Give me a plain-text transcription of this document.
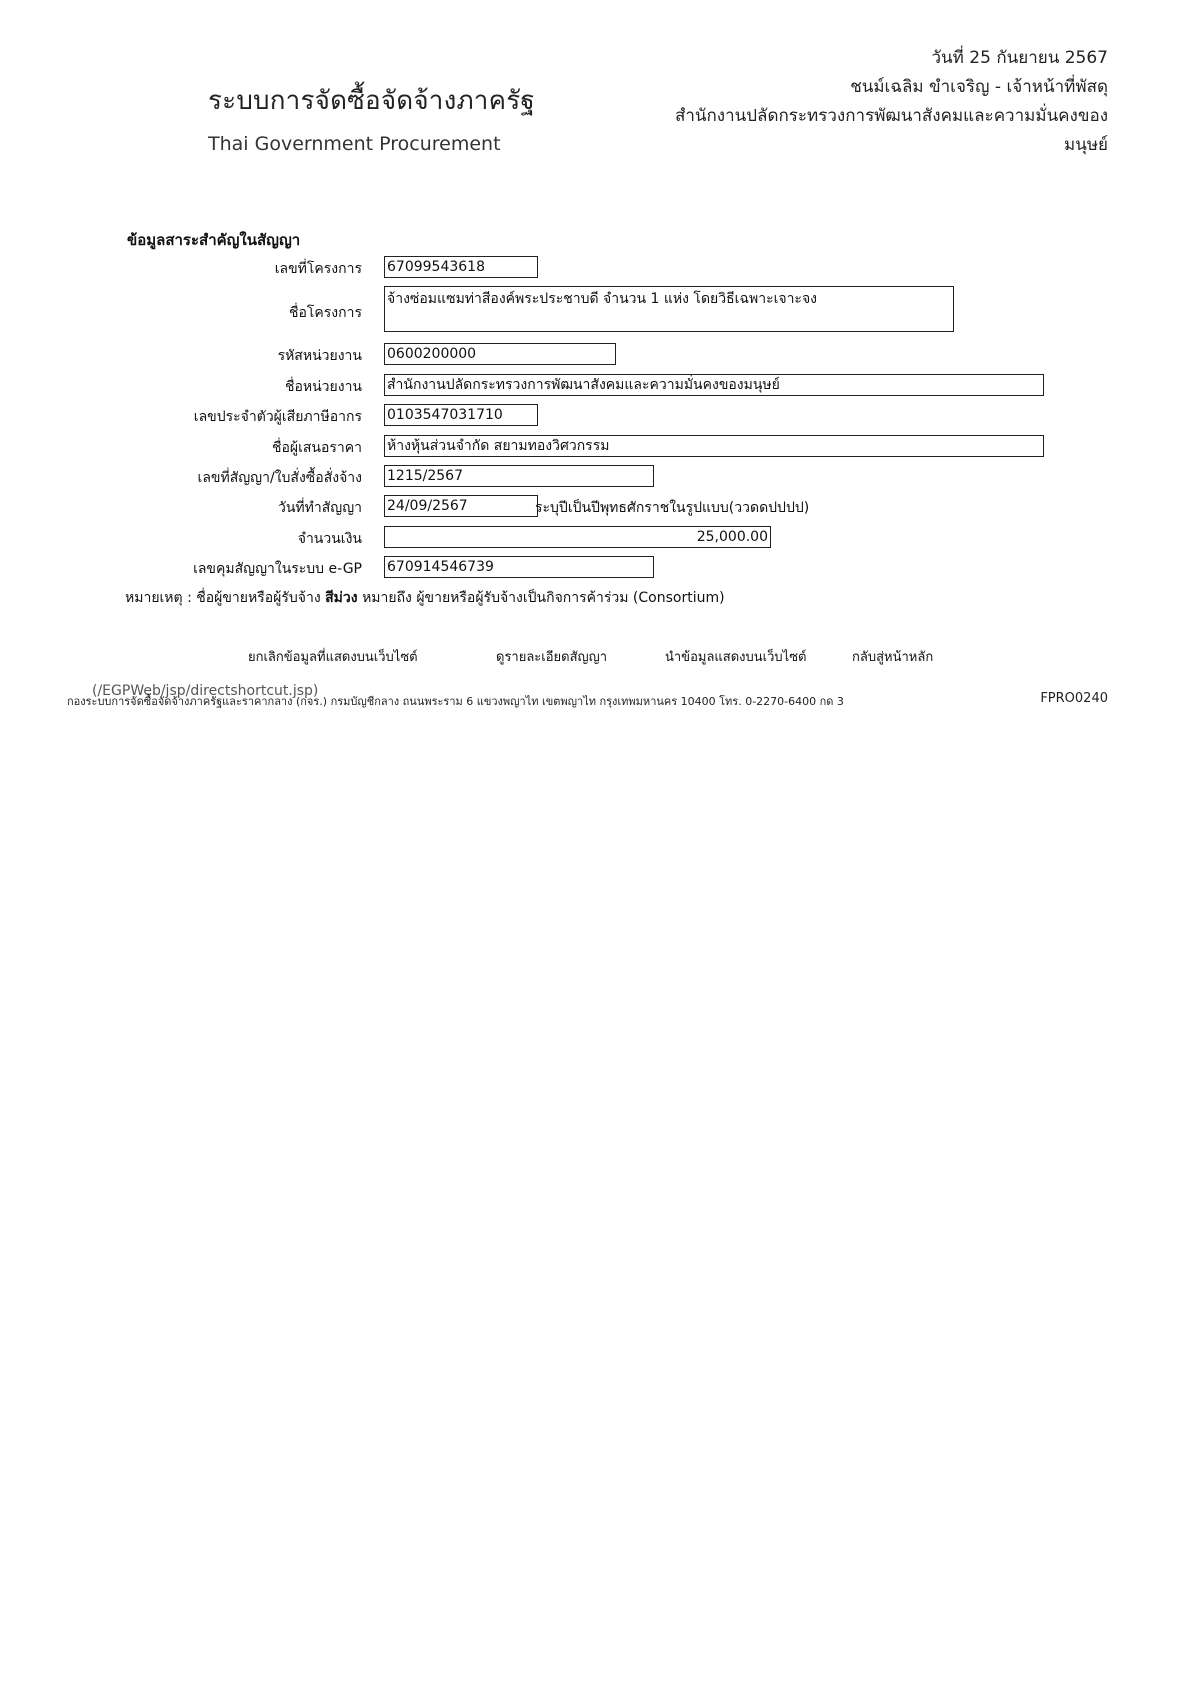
ระบบการจัดซื้อจัดจ้างภาครัฐ
Thai Government Procurement
วันที่ 25 กันยายน 2567
ชนม์เฉลิม ขำเจริญ - เจ้าหน้าที่พัสดุ
สำนักงานปลัดกระทรวงการพัฒนาสังคมและความมั่นคงของมนุษย์
ข้อมูลสาระสำคัญในสัญญา
เลขที่โครงการ 67099543618
ชื่อโครงการ
จ้างซ่อมแซมท่าสีองค์พระประชาบดี จำนวน 1 แห่ง โดยวิธีเฉพาะเจาะจง
รหัสหน่วยงาน 0600200000
ชื่อหน่วยงาน สำนักงานปลัดกระทรวงการพัฒนาสังคมและความมั่นคงของมนุษย์
เลขประจำตัวผู้เสียภาษีอากร 0103547031710
ชื่อผู้เสนอราคา ห้างหุ้นส่วนจำกัด สยามทองวิศวกรรม
เลขที่สัญญา/ใบสั่งซื้อสั่งจ้าง 1215/2567
วันที่ทำสัญญา 24/09/2567	ระบุปีเป็นปีพุทธศักราชในรูปแบบ(ววดดปปปป)
จำนวนเงิน	25,000.00
เลขคุมสัญญาในระบบ e-GP 670914546739
หมายเหตุ : ชื่อผู้ขายหรือผู้รับจ้าง สีม่วง หมายถึง ผู้ขายหรือผู้รับจ้างเป็นกิจการค้าร่วม (Consortium)
ยกเลิกข้อมูลที่แสดงบนเว็บไซต์	ดูรายละเอียดสัญญา	นำข้อมูลแสดงบนเว็บไซต์	กลับสู่หน้าหลัก
(/EGPWeb/jsp/directshortcut.jsp)
กองระบบการจัดซื้อจัดจ้างภาครัฐและราคากลาง (กจร.) กรมบัญชีกลาง ถนนพระราม 6 แขวงพญาไท เขตพญาไท กรุงเทพมหานคร 10400 โทร. 0-2270-6400 กด 3	FPRO0240
